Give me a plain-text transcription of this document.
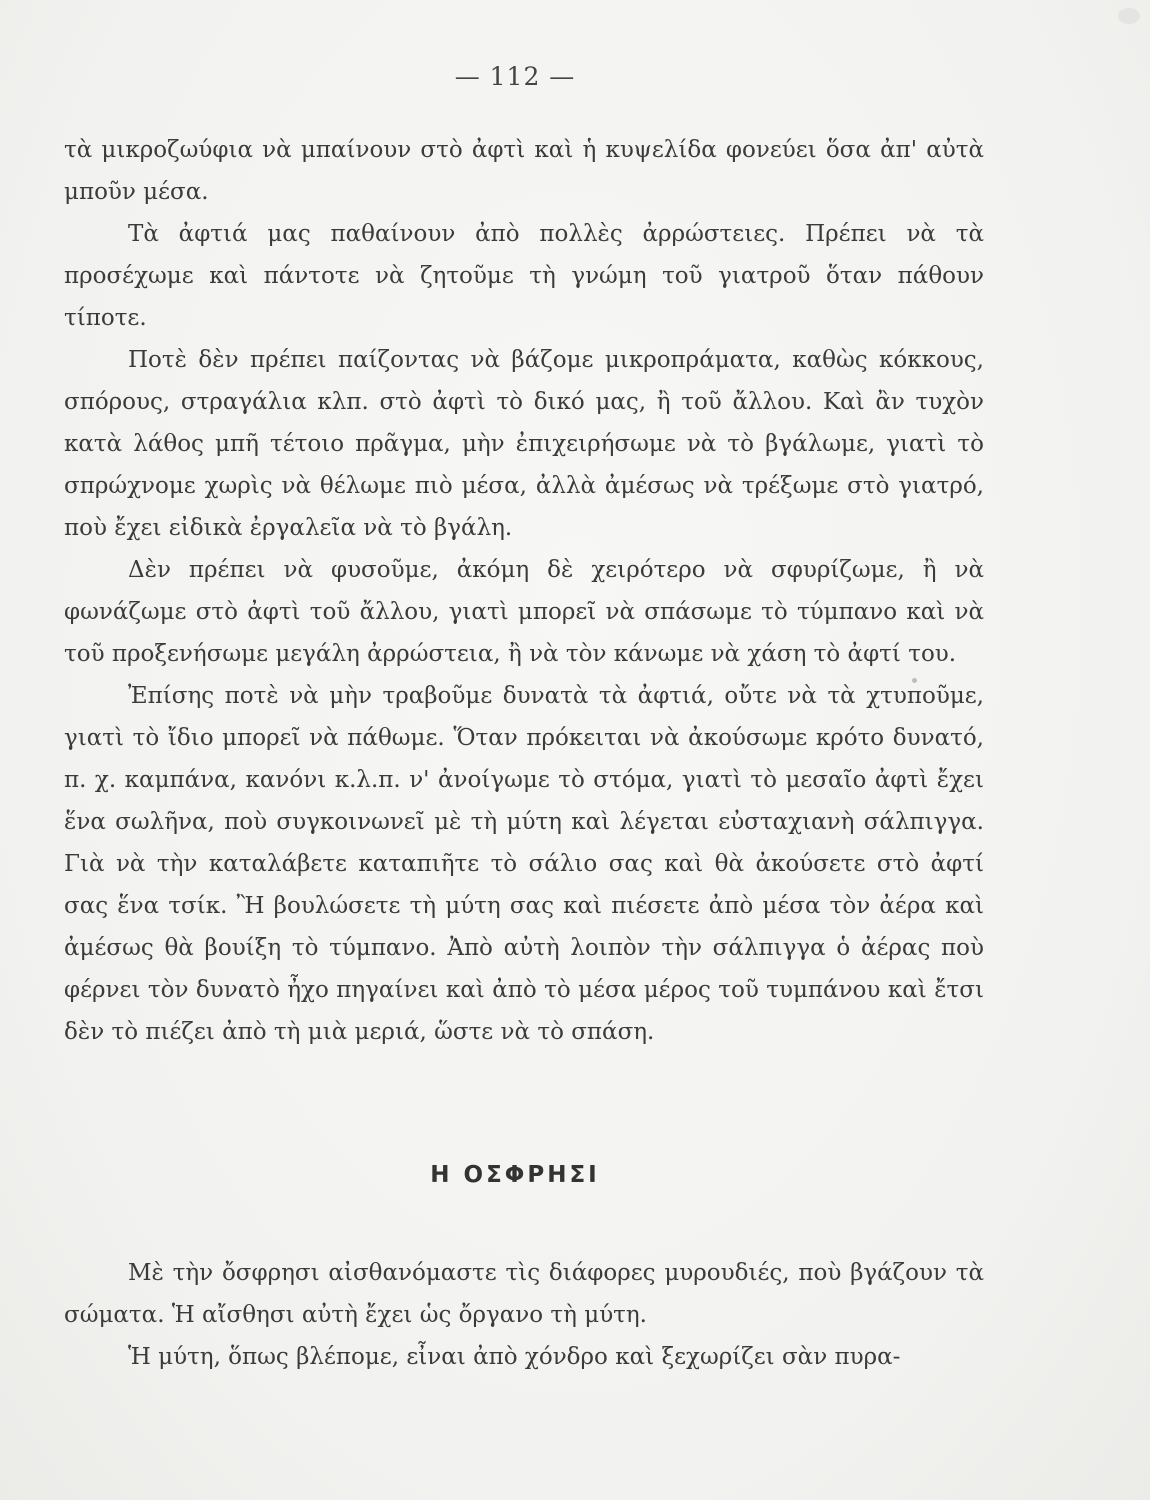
— 112 —

τὰ μικροζωύφια νὰ μπαίνουν στὸ ἀφτὶ καὶ ἡ κυψελίδα φονεύει ὅσα ἀπ' αὐτὰ μποῦν μέσα.

Τὰ ἀφτιά μας παθαίνουν ἀπὸ πολλὲς ἀρρώστειες. Πρέπει νὰ τὰ προσέχωμε καὶ πάντοτε νὰ ζητοῦμε τὴ γνώμη τοῦ γιατροῦ ὅταν πάθουν τίποτε.

Ποτὲ δὲν πρέπει παίζοντας νὰ βάζομε μικροπράματα, καθὼς κόκκους, σπόρους, στραγάλια κλπ. στὸ ἀφτὶ τὸ δικό μας, ἢ τοῦ ἄλλου. Καὶ ἂν τυχὸν κατὰ λάθος μπῆ τέτοιο πρᾶγμα, μὴν ἐπιχειρήσωμε νὰ τὸ βγάλωμε, γιατὶ τὸ σπρώχνομε χωρὶς νὰ θέλωμε πιὸ μέσα, ἀλλὰ ἀμέσως νὰ τρέξωμε στὸ γιατρό, ποὺ ἔχει εἰδικὰ ἐργαλεῖα νὰ τὸ βγάλη.

Δὲν πρέπει νὰ φυσοῦμε, ἀκόμη δὲ χειρότερο νὰ σφυρίζωμε, ἢ νὰ φωνάζωμε στὸ ἀφτὶ τοῦ ἄλλου, γιατὶ μπορεῖ νὰ σπάσωμε τὸ τύμπανο καὶ νὰ τοῦ προξενήσωμε μεγάλη ἀρρώστεια, ἢ νὰ τὸν κάνωμε νὰ χάση τὸ ἀφτί του.

Ἐπίσης ποτὲ νὰ μὴν τραβοῦμε δυνατὰ τὰ ἀφτιά, οὔτε νὰ τὰ χτυποῦμε, γιατὶ τὸ ἴδιο μπορεῖ νὰ πάθωμε. Ὅταν πρόκειται νὰ ἀκούσωμε κρότο δυνατό, π. χ. καμπάνα, κανόνι κ.λ.π. ν' ἀνοίγωμε τὸ στόμα, γιατὶ τὸ μεσαῖο ἀφτὶ ἔχει ἕνα σωλῆνα, ποὺ συγκοινωνεῖ μὲ τὴ μύτη καὶ λέγεται εὐσταχιανὴ σάλπιγγα. Γιὰ νὰ τὴν καταλάβετε καταπιῆτε τὸ σάλιο σας καὶ θὰ ἀκούσετε στὸ ἀφτί σας ἕνα τσίκ. Ἢ βουλώσετε τὴ μύτη σας καὶ πιέσετε ἀπὸ μέσα τὸν ἀέρα καὶ ἀμέσως θὰ βουίξη τὸ τύμπανο. Ἀπὸ αὐτὴ λοιπὸν τὴν σάλπιγγα ὁ ἀέρας ποὺ φέρνει τὸν δυνατὸ ἦχο πηγαίνει καὶ ἀπὸ τὸ μέσα μέρος τοῦ τυμπάνου καὶ ἔτσι δὲν τὸ πιέζει ἀπὸ τὴ μιὰ μεριά, ὥστε νὰ τὸ σπάση.

Η ΟΣΦΡΗΣΙ

Μὲ τὴν ὄσφρησι αἰσθανόμαστε τὶς διάφορες μυρουδιές, ποὺ βγάζουν τὰ σώματα. Ἡ αἴσθησι αὐτὴ ἔχει ὡς ὄργανο τὴ μύτη.

Ἡ μύτη, ὅπως βλέπομε, εἶναι ἀπὸ χόνδρο καὶ ξεχωρίζει σὰν πυρα-
